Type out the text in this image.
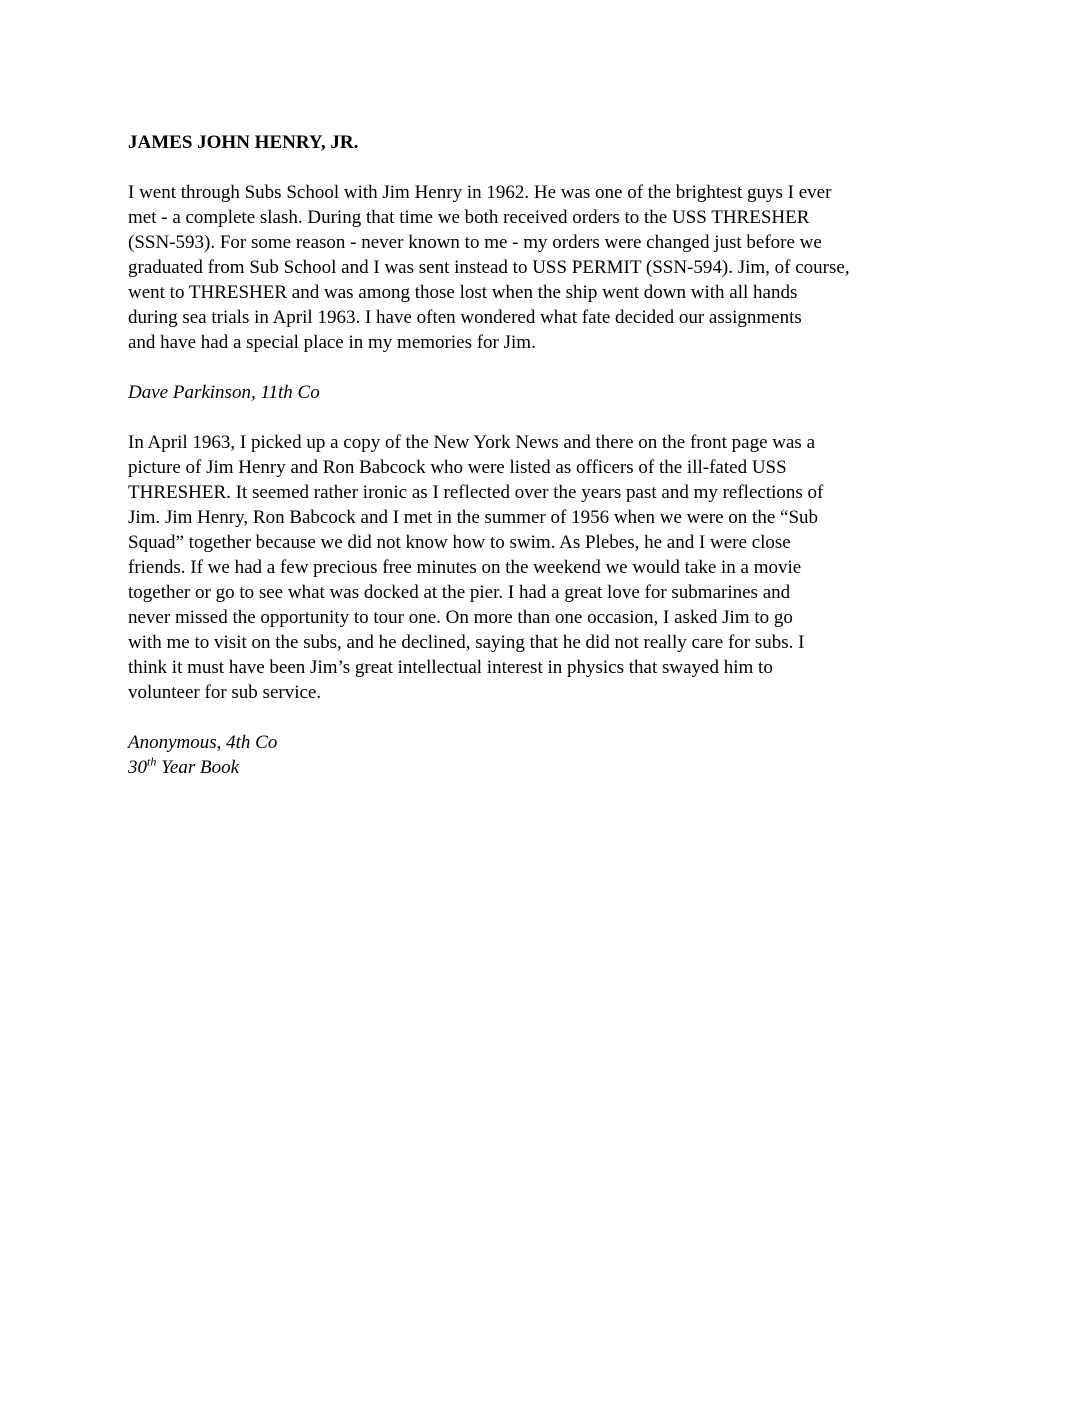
JAMES JOHN HENRY, JR.
I went through Subs School with Jim Henry in 1962. He was one of the brightest guys I ever
met - a complete slash. During that time we both received orders to the USS THRESHER
(SSN-593). For some reason - never known to me - my orders were changed just before we
graduated from Sub School and I was sent instead to USS PERMIT (SSN-594). Jim, of course,
went to THRESHER and was among those lost when the ship went down with all hands
during sea trials in April 1963. I have often wondered what fate decided our assignments
and have had a special place in my memories for Jim.
Dave Parkinson, 11th Co
In April 1963, I picked up a copy of the New York News and there on the front page was a
picture of Jim Henry and Ron Babcock who were listed as officers of the ill-fated USS
THRESHER. It seemed rather ironic as I reflected over the years past and my reflections of
Jim. Jim Henry, Ron Babcock and I met in the summer of 1956 when we were on the “Sub
Squad” together because we did not know how to swim. As Plebes, he and I were close
friends. If we had a few precious free minutes on the weekend we would take in a movie
together or go to see what was docked at the pier. I had a great love for submarines and
never missed the opportunity to tour one. On more than one occasion, I asked Jim to go
with me to visit on the subs, and he declined, saying that he did not really care for subs. I
think it must have been Jim’s great intellectual interest in physics that swayed him to
volunteer for sub service.
Anonymous, 4th Co
30th Year Book
